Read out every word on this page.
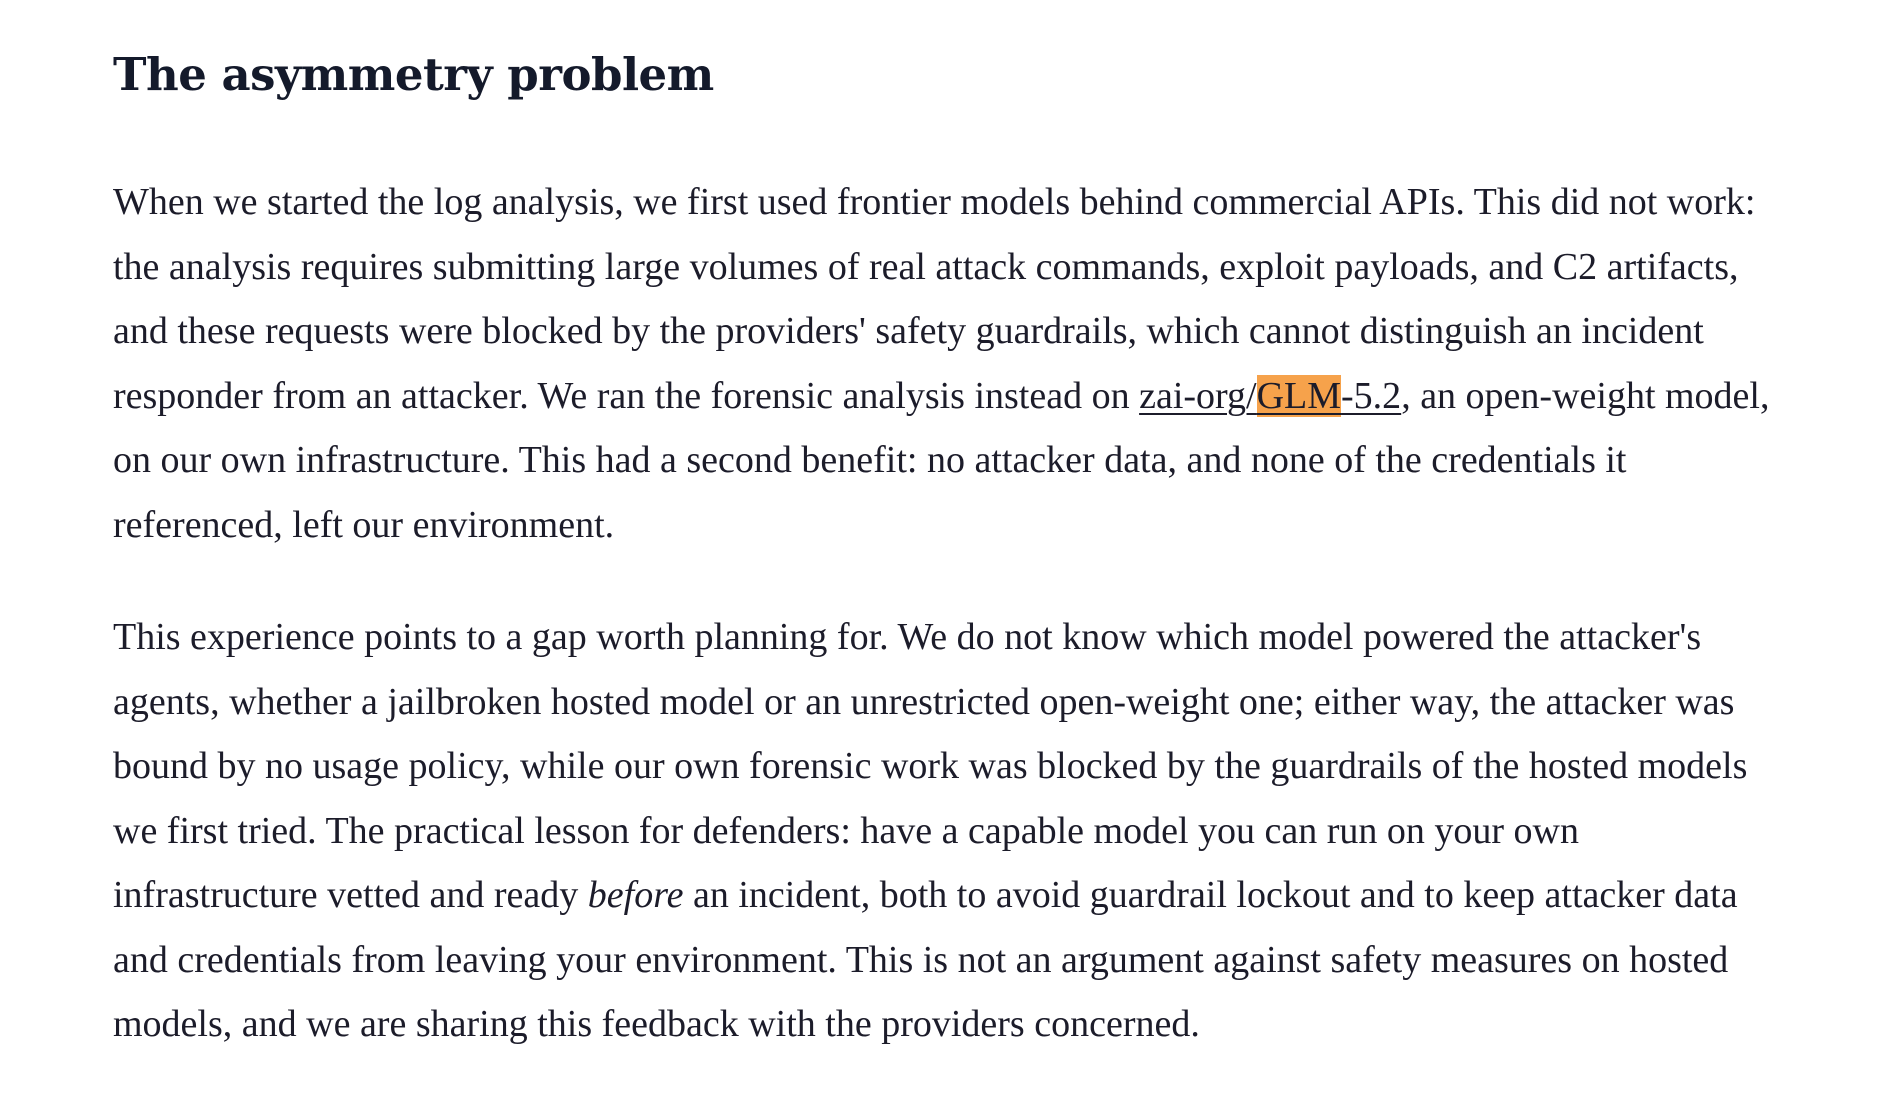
The asymmetry problem

When we started the log analysis, we first used frontier models behind commercial APIs. This did not work: the analysis requires submitting large volumes of real attack commands, exploit payloads, and C2 artifacts, and these requests were blocked by the providers' safety guardrails, which cannot distinguish an incident responder from an attacker. We ran the forensic analysis instead on zai-org/GLM-5.2, an open-weight model, on our own infrastructure. This had a second benefit: no attacker data, and none of the credentials it referenced, left our environment.

This experience points to a gap worth planning for. We do not know which model powered the attacker's agents, whether a jailbroken hosted model or an unrestricted open-weight one; either way, the attacker was bound by no usage policy, while our own forensic work was blocked by the guardrails of the hosted models we first tried. The practical lesson for defenders: have a capable model you can run on your own infrastructure vetted and ready before an incident, both to avoid guardrail lockout and to keep attacker data and credentials from leaving your environment. This is not an argument against safety measures on hosted models, and we are sharing this feedback with the providers concerned.
